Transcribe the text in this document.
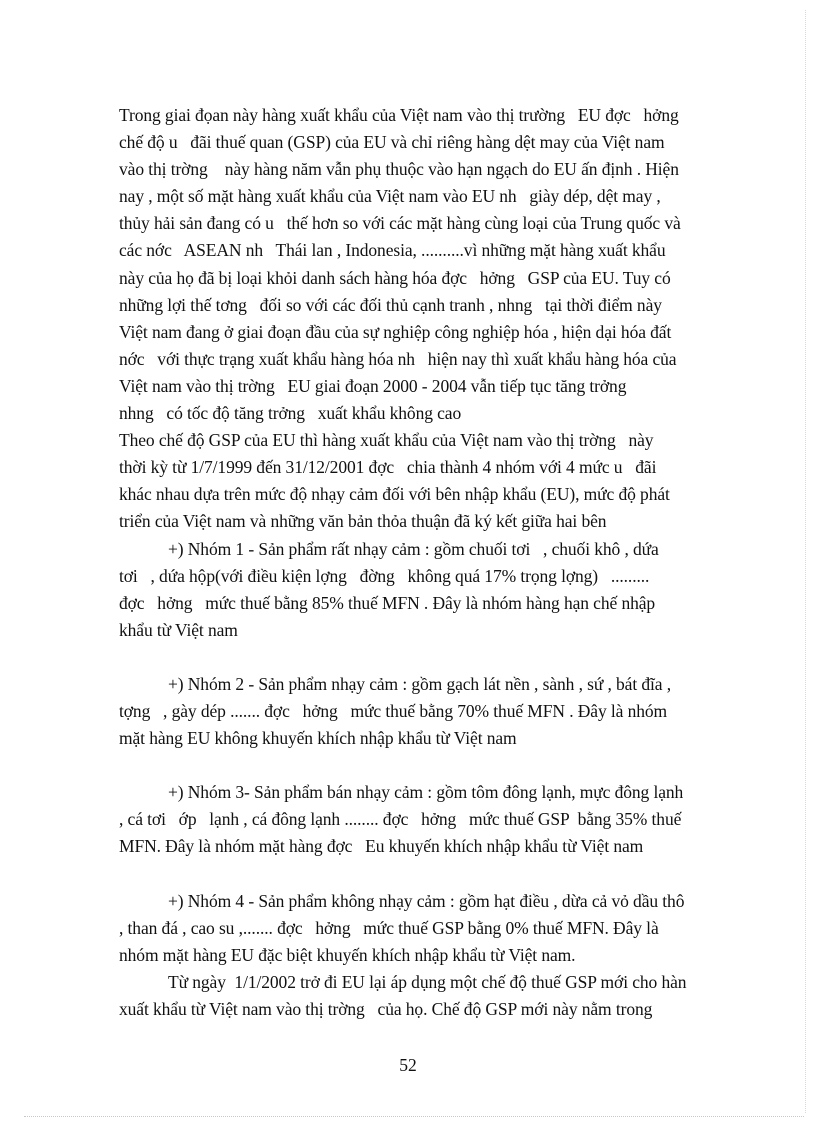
Trong giai đọan này hàng xuất khẩu của Việt nam vào thị trường   EU đợc   hởng
chế độ u   đãi thuế quan (GSP) của EU và chỉ riêng hàng dệt may của Việt nam
vào thị trờng    này hàng năm vẫn phụ thuộc vào hạn ngạch do EU ấn định . Hiện
nay , một số mặt hàng xuất khẩu của Việt nam vào EU nh   giày dép, dệt may ,
thủy hải sản đang có u   thế hơn so với các mặt hàng cùng loại của Trung quốc và
các nớc   ASEAN nh   Thái lan , Indonesia, ..........vì những mặt hàng xuất khẩu
này của họ đã bị loại khỏi danh sách hàng hóa đợc   hởng   GSP của EU. Tuy có
những lợi thế tơng   đối so với các đối thủ cạnh tranh , nhng   tại thời điểm này
Việt nam đang ở giai đoạn đầu của sự nghiệp công nghiệp hóa , hiện dại hóa đất
nớc   với thực trạng xuất khẩu hàng hóa nh   hiện nay thì xuất khẩu hàng hóa của
Việt nam vào thị trờng   EU giai đoạn 2000 - 2004 vẫn tiếp tục tăng trởng
nhng   có tốc độ tăng trởng   xuất khẩu không cao
Theo chế độ GSP của EU thì hàng xuất khẩu của Việt nam vào thị trờng   này
thời kỳ từ 1/7/1999 đến 31/12/2001 đợc   chia thành 4 nhóm với 4 mức u   đãi
khác nhau dựa trên mức độ nhạy cảm đối với bên nhập khẩu (EU), mức độ phát
triển của Việt nam và những văn bản thỏa thuận đã ký kết giữa hai bên
+) Nhóm 1 - Sản phẩm rất nhạy cảm : gồm chuối tơi   , chuối khô , dứa
tơi   , dứa hộp(với điều kiện lợng   đờng   không quá 17% trọng lợng)   .........
đợc   hởng   mức thuế bằng 85% thuế MFN . Đây là nhóm hàng hạn chế nhập
khẩu từ Việt nam
+) Nhóm 2 - Sản phẩm nhạy cảm : gồm gạch lát nền , sành , sứ , bát đĩa ,
tợng   , gày dép ....... đợc   hởng   mức thuế bằng 70% thuế MFN . Đây là nhóm
mặt hàng EU không khuyến khích nhập khẩu từ Việt nam
+) Nhóm 3- Sản phẩm bán nhạy cảm : gồm tôm đông lạnh, mực đông lạnh
, cá tơi   ớp   lạnh , cá đông lạnh ........ đợc   hởng   mức thuế GSP  bằng 35% thuế
MFN. Đây là nhóm mặt hàng đợc   Eu khuyến khích nhập khẩu từ Việt nam
+) Nhóm 4 - Sản phẩm không nhạy cảm : gồm hạt điều , dừa cả vỏ dầu thô
, than đá , cao su ,....... đợc   hởng   mức thuế GSP bằng 0% thuế MFN. Đây là
nhóm mặt hàng EU đặc biệt khuyến khích nhập khẩu từ Việt nam.
Từ ngày  1/1/2002 trở đi EU lại áp dụng một chế độ thuế GSP mới cho hàn
xuất khẩu từ Việt nam vào thị trờng   của họ. Chế độ GSP mới này nằm trong
52
